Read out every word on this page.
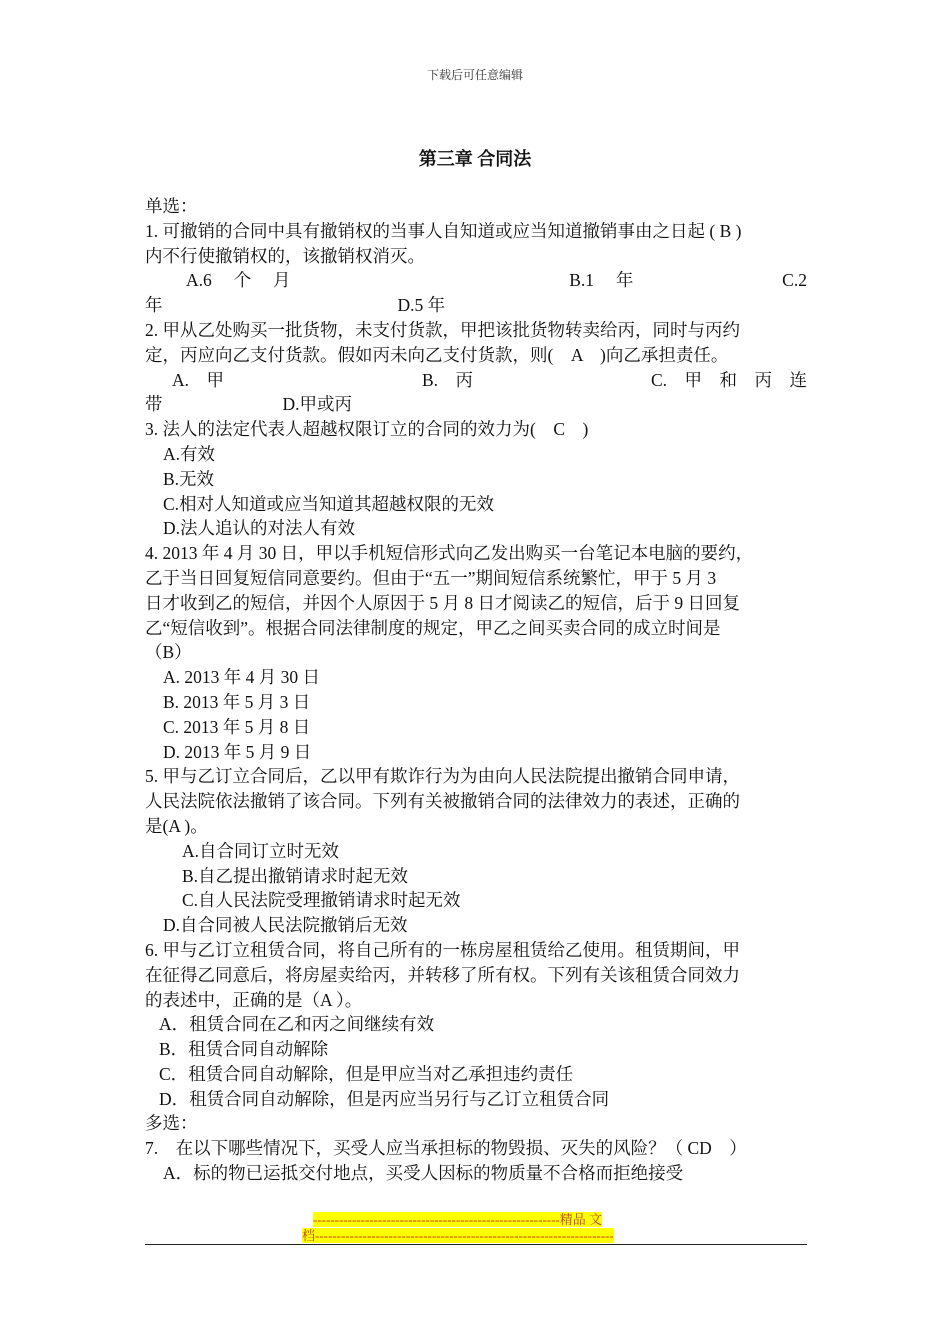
下载后可任意编辑
第三章 合同法
单选：
1. 可撤销的合同中具有撤销权的当事人自知道或应当知道撤销事由之日起 ( B )
内不行使撤销权的，该撤销权消灭。
A.6　 个　 月	B.1　 年	C.2
年	D.5 年
2. 甲从乙处购买一批货物，未支付货款，甲把该批货物转卖给丙，同时与丙约
定，丙应向乙支付货款。假如丙未向乙支付货款，则(　A　)向乙承担责任。
A.　甲	B.　丙	C.　甲　和　丙　连
带	D.甲或丙
3. 法人的法定代表人超越权限订立的合同的效力为(　C　)
A.有效
B.无效
C.相对人知道或应当知道其超越权限的无效
D.法人追认的对法人有效
4. 2013 年 4 月 30 日，甲以手机短信形式向乙发出购买一台笔记本电脑的要约，
乙于当日回复短信同意要约。但由于“五一”期间短信系统繁忙，甲于 5 月 3
日才收到乙的短信，并因个人原因于 5 月 8 日才阅读乙的短信，后于 9 日回复
乙“短信收到”。根据合同法律制度的规定，甲乙之间买卖合同的成立时间是
（B）
A. 2013 年 4 月 30 日
B. 2013 年 5 月 3 日
C. 2013 年 5 月 8 日
D. 2013 年 5 月 9 日
5. 甲与乙订立合同后，乙以甲有欺诈行为为由向人民法院提出撤销合同申请，
人民法院依法撤销了该合同。下列有关被撤销合同的法律效力的表述，正确的
是(A )。
A.自合同订立时无效
B.自乙提出撤销请求时起无效
C.自人民法院受理撤销请求时起无效
D.自合同被人民法院撤销后无效
6. 甲与乙订立租赁合同，将自己所有的一栋房屋租赁给乙使用。租赁期间，甲
在征得乙同意后，将房屋卖给丙，并转移了所有权。下列有关该租赁合同效力
的表述中，正确的是（A ）。
A．租赁合同在乙和丙之间继续有效
B．租赁合同自动解除
C．租赁合同自动解除，但是甲应当对乙承担违约责任
D．租赁合同自动解除，但是丙应当另行与乙订立租赁合同
多选：
7.　在以下哪些情况下，买受人应当承担标的物毁损、灭失的风险？（ CD　）
A．标的物已运抵交付地点，买受人因标的物质量不合格而拒绝接受
---------------------------------------------------------精品 文
档---------------------------------------------------------------------
